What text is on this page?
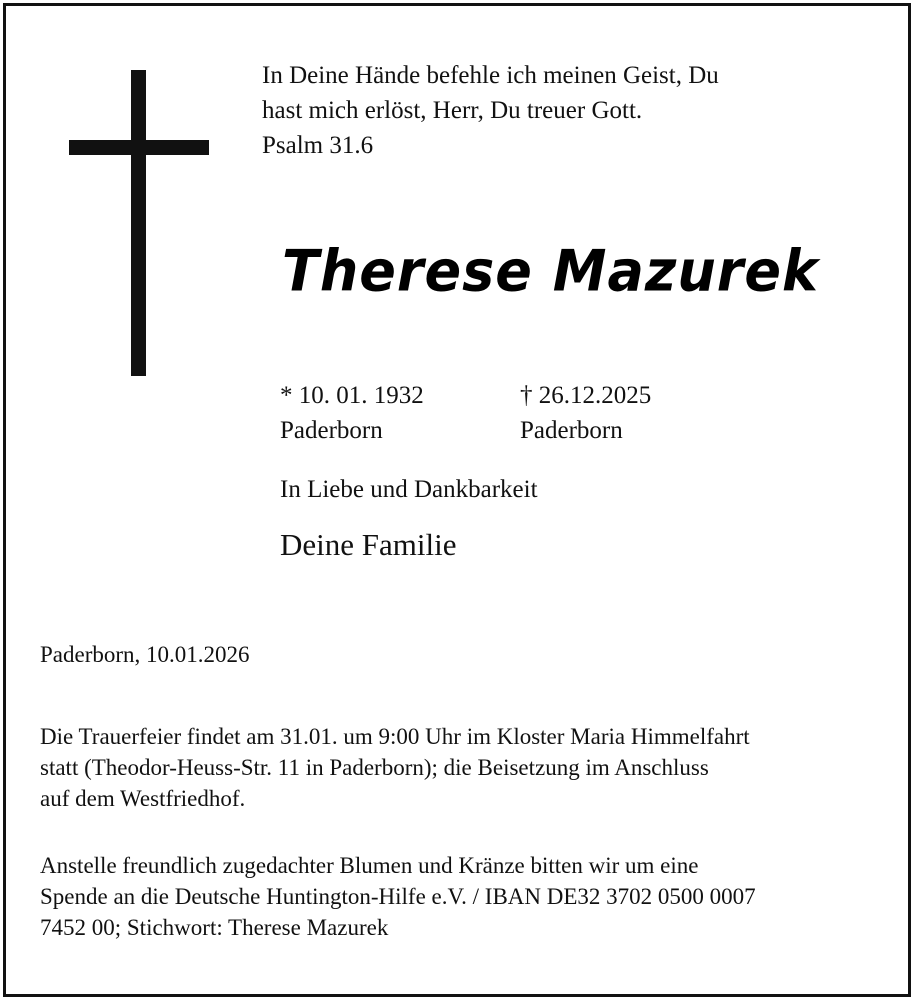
In Deine Hände befehle ich meinen Geist, Du
hast mich erlöst, Herr, Du treuer Gott.
Psalm 31.6
Therese Mazurek
* 10. 01. 1932
Paderborn
† 26.12.2025
Paderborn
In Liebe und Dankbarkeit
Deine Familie
Paderborn, 10.01.2026
Die Trauerfeier findet am 31.01. um 9:00 Uhr im Kloster Maria Himmelfahrt
statt (Theodor-Heuss-Str. 11 in Paderborn); die Beisetzung im Anschluss
auf dem Westfriedhof.
Anstelle freundlich zugedachter Blumen und Kränze bitten wir um eine
Spende an die Deutsche Huntington-Hilfe e.V. / IBAN DE32 3702 0500 0007
7452 00; Stichwort: Therese Mazurek
